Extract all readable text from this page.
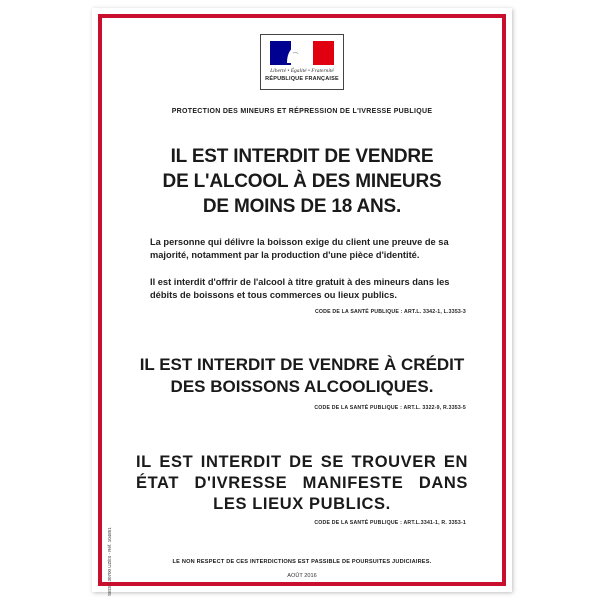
Liberté • Égalité • Fraternité
RÉPUBLIQUE FRANÇAISE
PROTECTION DES MINEURS ET RÉPRESSION DE L'IVRESSE PUBLIQUE
IL EST INTERDIT DE VENDRE
DE L'ALCOOL À DES MINEURS
DE MOINS DE 18 ANS.
La personne qui délivre la boisson exige du client une preuve de sa majorité, notamment par la production d'une pièce d'identité.
Il est interdit d'offrir de l'alcool à titre gratuit à des mineurs dans les débits de boissons et tous commerces ou lieux publics.
CODE DE LA SANTÉ PUBLIQUE : ART.L. 3342-1, L.3353-3
IL EST INTERDIT DE VENDRE À CRÉDIT
DES BOISSONS ALCOOLIQUES.
CODE DE LA SANTÉ PUBLIQUE : ART.L. 3322-9, R.3353-5
IL EST INTERDIT DE SE TROUVER EN
ÉTAT D'IVRESSE MANIFESTE DANS
LES LIEUX PUBLICS.
CODE DE LA SANTÉ PUBLIQUE : ART.L.3341-1, R. 3353-1
LE NON RESPECT DE CES INTERDICTIONS EST PASSIBLE DE POURSUITES JUDICIAIRES.
AOÛT 2016
SEDI - 30700 UZÈS - Réf. 104851
